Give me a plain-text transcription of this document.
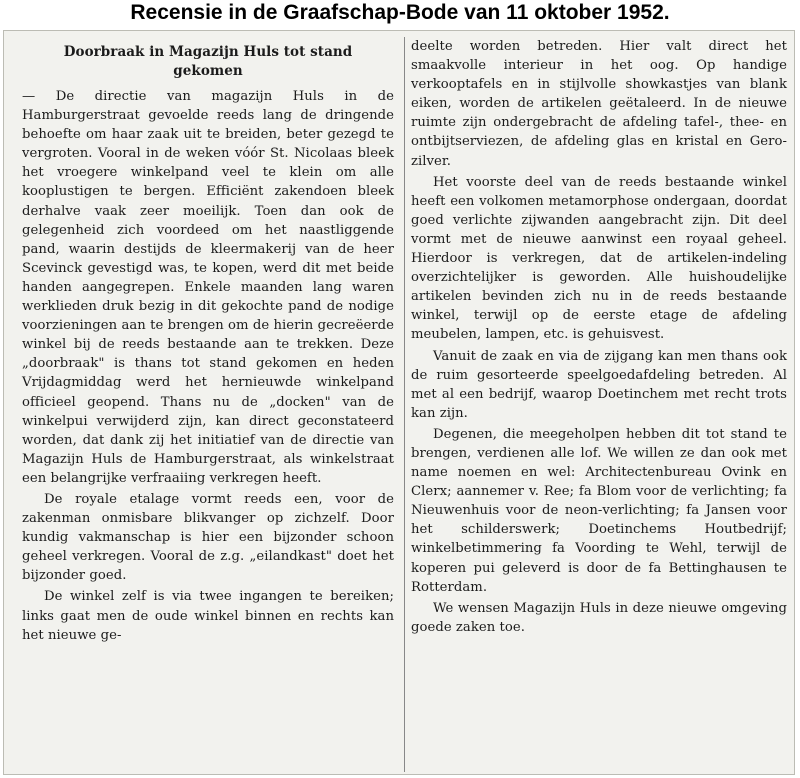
Recensie in de Graafschap-Bode van 11 oktober 1952.
Doorbraak in Magazijn Huls tot stand gekomen

— De directie van magazijn Huls in de Hamburgerstraat gevoelde reeds lang de dringende behoefte om haar zaak uit te breiden, beter gezegd te vergroten. Vooral in de weken vóór St. Nicolaas bleek het vroegere winkelpand veel te klein om alle kooplustigen te bergen. Efficiënt zakendoen bleek derhalve vaak zeer moeilijk. Toen dan ook de gelegenheid zich voordeed om het naastliggende pand, waarin destijds de kleermakerij van de heer Scevinck gevestigd was, te kopen, werd dit met beide handen aangegrepen. Enkele maanden lang waren werklieden druk bezig in dit gekochte pand de nodige voorzieningen aan te brengen om de hierin gecreëerde winkel bij de reeds bestaande aan te trekken. Deze „doorbraak" is thans tot stand gekomen en heden Vrijdagmiddag werd het hernieuwde winkelpand officieel geopend. Thans nu de „docken" van de winkelpui verwijderd zijn, kan direct geconstateerd worden, dat dank zij het initiatief van de directie van Magazijn Huls de Hamburgerstraat, als winkelstraat een belangrijke verfraaiing verkregen heeft.

De royale etalage vormt reeds een, voor de zakenman onmisbare blikvanger op zichzelf. Door kundig vakmanschap is hier een bijzonder schoon geheel verkregen. Vooral de z.g. „eilandkast" doet het bijzonder goed.

De winkel zelf is via twee ingangen te bereiken; links gaat men de oude winkel binnen en rechts kan het nieuwe ge-

deelte worden betreden. Hier valt direct het smaakvolle interieur in het oog. Op handige verkooptafels en in stijlvolle showkastjes van blank eiken, worden de artikelen geëtaleerd. In de nieuwe ruimte zijn ondergebracht de afdeling tafel-, thee- en ontbijtserviezen, de afdeling glas en kristal en Gero-zilver.

Het voorste deel van de reeds bestaande winkel heeft een volkomen metamorphose ondergaan, doordat goed verlichte zijwanden aangebracht zijn. Dit deel vormt met de nieuwe aanwinst een royaal geheel. Hierdoor is verkregen, dat de artikelen-indeling overzichtelijker is geworden. Alle huishoudelijke artikelen bevinden zich nu in de reeds bestaande winkel, terwijl op de eerste etage de afdeling meubelen, lampen, etc. is gehuisvest.

Vanuit de zaak en via de zijgang kan men thans ook de ruim gesorteerde speelgoedafdeling betreden. Al met al een bedrijf, waarop Doetinchem met recht trots kan zijn.

Degenen, die meegeholpen hebben dit tot stand te brengen, verdienen alle lof. We willen ze dan ook met name noemen en wel: Architectenbureau Ovink en Clerx; aannemer v. Ree; fa Blom voor de verlichting; fa Nieuwenhuis voor de neon-verlichting; fa Jansen voor het schilderswerk; Doetinchems Houtbedrijf; winkelbetimmering fa Voording te Wehl, terwijl de koperen pui geleverd is door de fa Bettinghausen te Rotterdam.

We wensen Magazijn Huls in deze nieuwe omgeving goede zaken toe.
